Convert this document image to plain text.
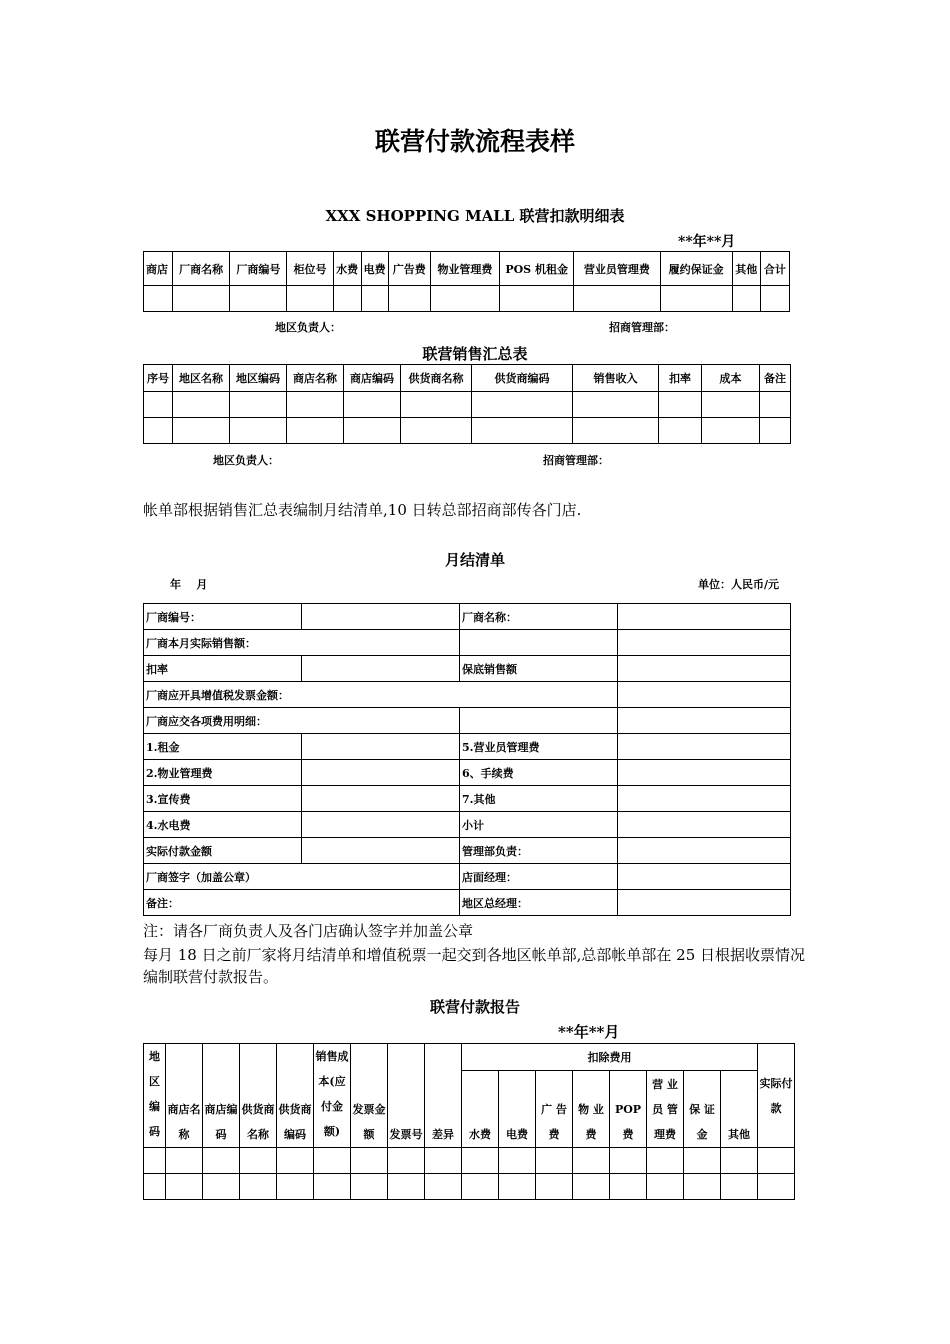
联营付款流程表样
XXX SHOPPING MALL 联营扣款明细表
**年**月
商店	厂商名称	厂商编号	柜位号	水费	电费	广告费	物业管理费	POS 机租金	营业员管理费	履约保证金	其他	合计

地区负责人：	招商管理部：
联营销售汇总表
序号	地区名称	地区编码	商店名称	商店编码	供货商名称	供货商编码	销售收入	扣率	成本	备注

地区负责人：	招商管理部：
帐单部根据销售汇总表编制月结清单,10 日转总部招商部传各门店.
月结清单
年    月	单位：人民币/元
厂商编号：		厂商名称：	
厂商本月实际销售额：			
扣率		保底销售额	
厂商应开具增值税发票金额：			
厂商应交各项费用明细：			
1.租金		5.营业员管理费	
2.物业管理费		6、手续费	
3.宣传费		7.其他	
4.水电费		小计	
实际付款金额		管理部负责：	
厂商签字（加盖公章）		店面经理：	
备注：		地区总经理：	
注：请各厂商负责人及各门店确认签字并加盖公章
每月 18 日之前厂家将月结清单和增值税票一起交到各地区帐单部,总部帐单部在 25 日根据收票情况编制联营付款报告。
联营付款报告
**年**月
地区编码	商店名称	商店编码	供货商名称	供货商编码	销售成本(应付金额)	发票金额	发票号	差异	扣除费用								实际付款
									水费	电费	广 告费	物 业费	POP费	营 业员 管理费	保 证金	其他	
